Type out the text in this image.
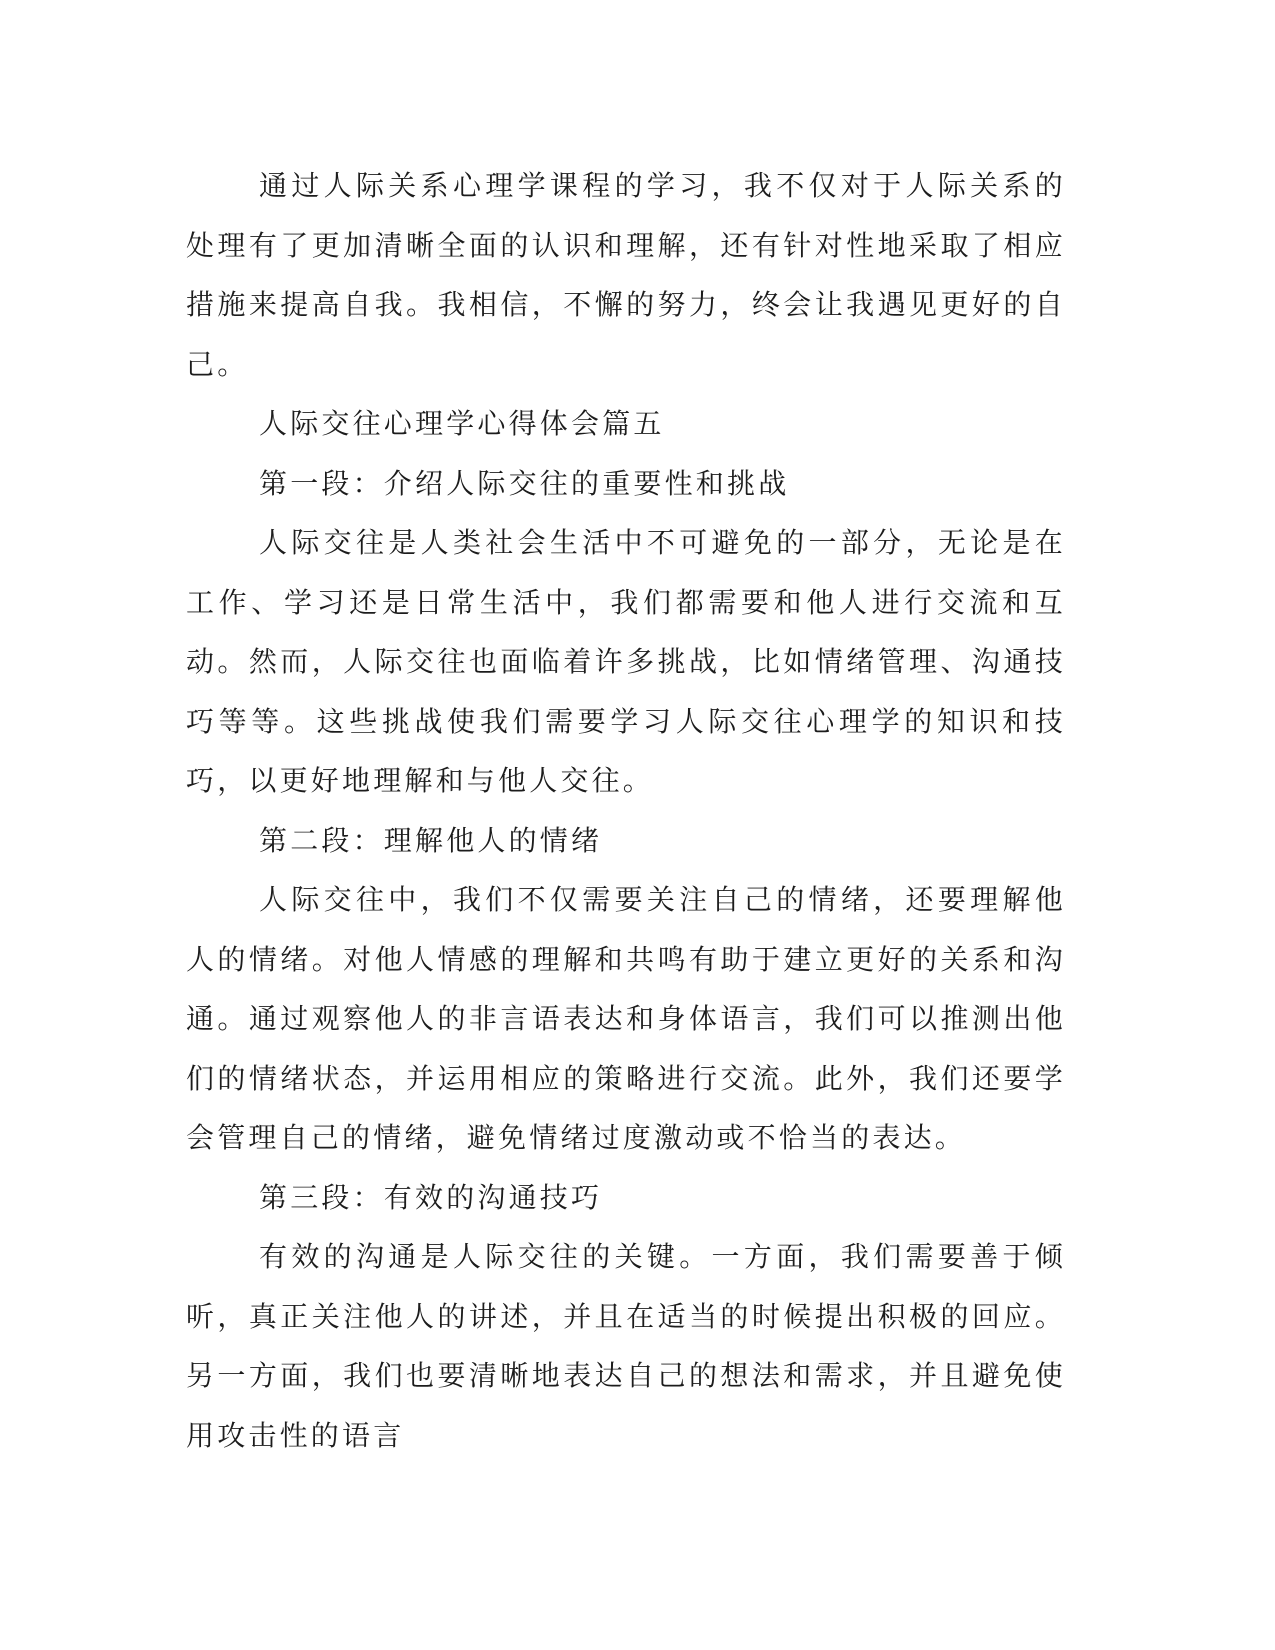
通过人际关系心理学课程的学习，我不仅对于人际关系的处理有了更加清晰全面的认识和理解，还有针对性地采取了相应措施来提高自我。我相信，不懈的努力，终会让我遇见更好的自己。

人际交往心理学心得体会篇五

第一段：介绍人际交往的重要性和挑战

人际交往是人类社会生活中不可避免的一部分，无论是在工作、学习还是日常生活中，我们都需要和他人进行交流和互动。然而，人际交往也面临着许多挑战，比如情绪管理、沟通技巧等等。这些挑战使我们需要学习人际交往心理学的知识和技巧，以更好地理解和与他人交往。

第二段：理解他人的情绪

人际交往中，我们不仅需要关注自己的情绪，还要理解他人的情绪。对他人情感的理解和共鸣有助于建立更好的关系和沟通。通过观察他人的非言语表达和身体语言，我们可以推测出他们的情绪状态，并运用相应的策略进行交流。此外，我们还要学会管理自己的情绪，避免情绪过度激动或不恰当的表达。

第三段：有效的沟通技巧

有效的沟通是人际交往的关键。一方面，我们需要善于倾听，真正关注他人的讲述，并且在适当的时候提出积极的回应。另一方面，我们也要清晰地表达自己的想法和需求，并且避免使用攻击性的语言
